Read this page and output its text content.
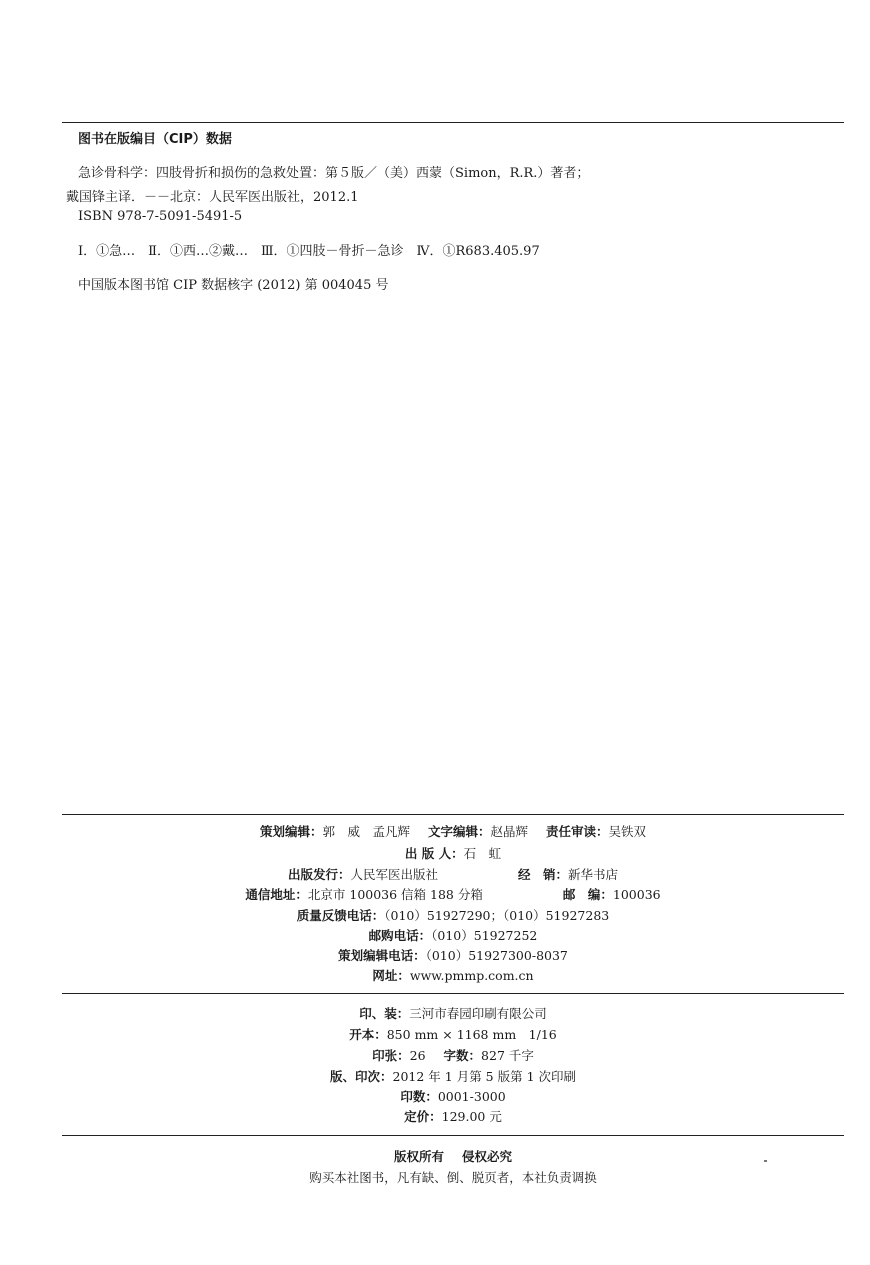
图书在版编目（CIP）数据
急诊骨科学：四肢骨折和损伤的急救处置：第５版／（美）西蒙（Simon，R.R.）著者；
戴国锋主译．－－北京：人民军医出版社，2012.1
ISBN 978-7-5091-5491-5
Ⅰ．①急…　Ⅱ．①西…②戴…　Ⅲ．①四肢－骨折－急诊　Ⅳ．①R683.405.97
中国版本图书馆 CIP 数据核字 (2012) 第 004045 号
策划编辑：郭　威　孟凡辉 文字编辑：赵晶辉 责任审读：吴铁双
出 版 人：石　虹
出版发行：人民军医出版社	经　销：新华书店
通信地址：北京市 100036 信箱 188 分箱	邮　编：100036
质量反馈电话：（010）51927290；（010）51927283
邮购电话：（010）51927252
策划编辑电话：（010）51927300-8037
网址：www.pmmp.com.cn
印、装：三河市春园印刷有限公司
开本：850 mm × 1168 mm　1/16
印张：26 字数：827 千字
版、印次：2012 年 1 月第 5 版第 1 次印刷
印数：0001-3000
定价：129.00 元
版权所有 侵权必究
购买本社图书，凡有缺、倒、脱页者，本社负责调换
